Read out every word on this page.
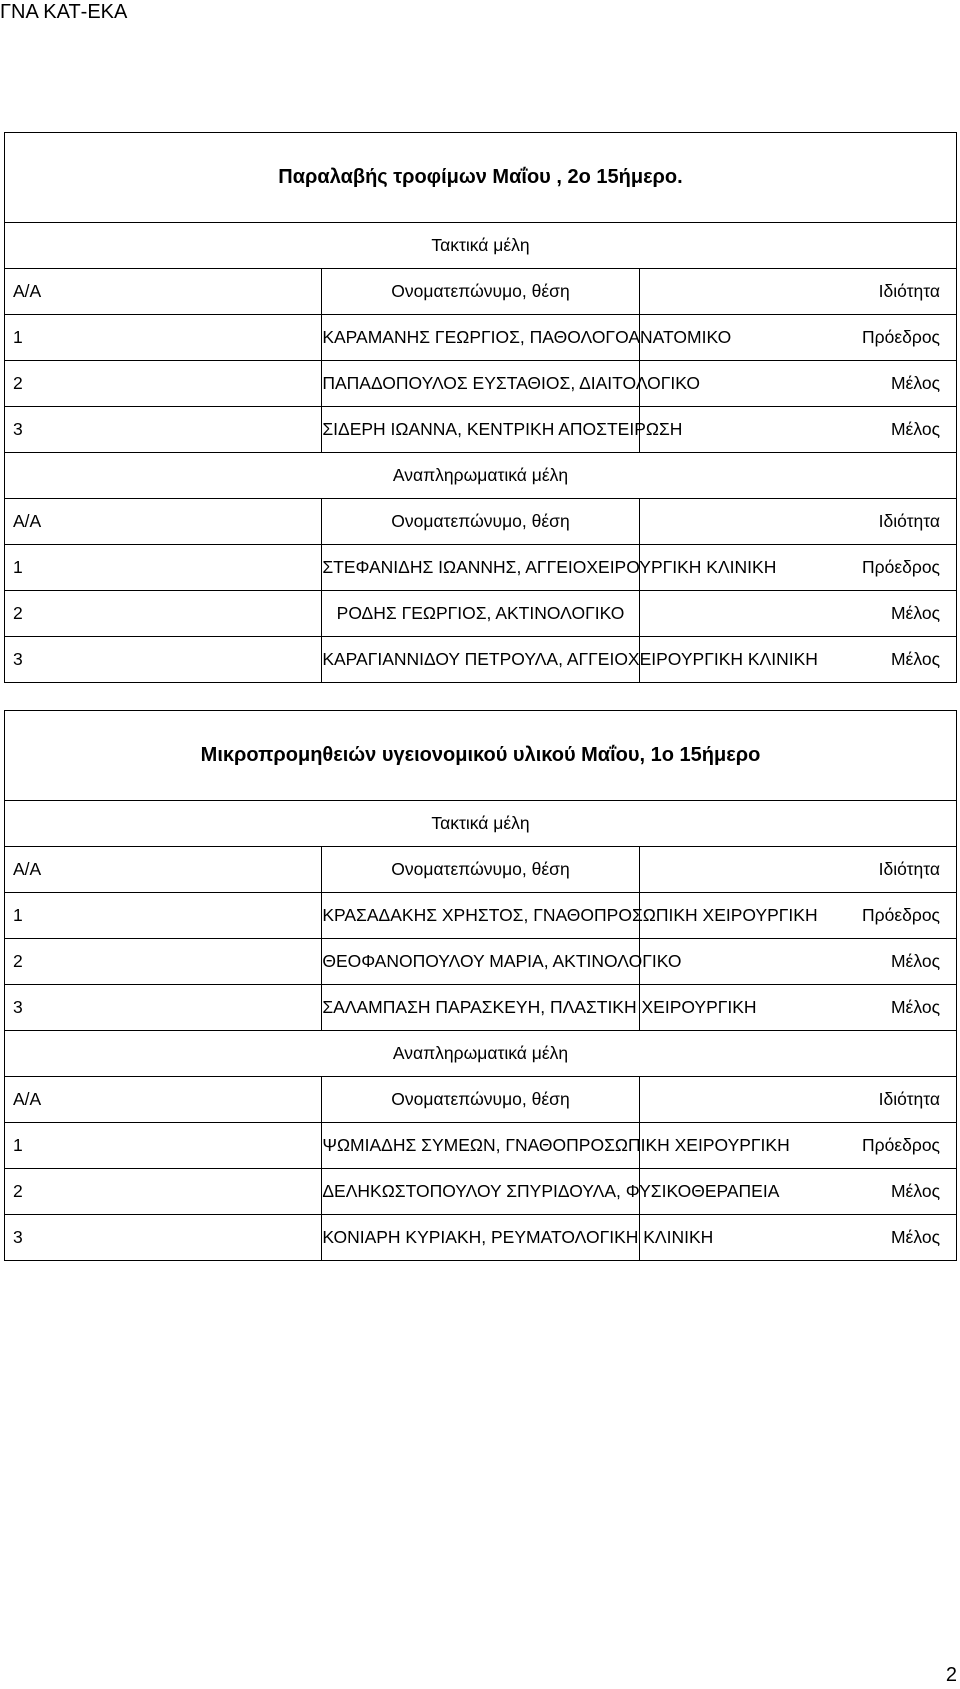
ΓΝΑ ΚΑΤ-ΕΚΑ
Παραλαβής τροφίμων Μαΐου , 2ο 15ήμερο.		
Τακτικά μέλη		
Α/Α	Ονοματεπώνυμο, θέση	Ιδιότητα
1	ΚΑΡΑΜΑΝΗΣ ΓΕΩΡΓΙΟΣ, ΠΑΘΟΛΟΓΟΑΝΑΤΟΜΙΚΟ	Πρόεδρος
2	ΠΑΠΑΔΟΠΟΥΛΟΣ ΕΥΣΤΑΘΙΟΣ, ΔΙΑΙΤΟΛΟΓΙΚΟ	Μέλος
3	ΣΙΔΕΡΗ ΙΩΑΝΝΑ, ΚΕΝΤΡΙΚΗ ΑΠΟΣΤΕΙΡΩΣΗ	Μέλος
Αναπληρωματικά μέλη		
Α/Α	Ονοματεπώνυμο, θέση	Ιδιότητα
1	ΣΤΕΦΑΝΙΔΗΣ ΙΩΑΝΝΗΣ, ΑΓΓΕΙΟΧΕΙΡΟΥΡΓΙΚΗ ΚΛΙΝΙΚΗ	Πρόεδρος
2	ΡΟΔΗΣ ΓΕΩΡΓΙΟΣ, ΑΚΤΙΝΟΛΟΓΙΚΟ	Μέλος
3	ΚΑΡΑΓΙΑΝΝΙΔΟΥ ΠΕΤΡΟΥΛΑ, ΑΓΓΕΙΟΧΕΙΡΟΥΡΓΙΚΗ ΚΛΙΝΙΚΗ	Μέλος
Μικροπρομηθειών υγειονομικού υλικού Μαΐου, 1ο 15ήμερο		
Τακτικά μέλη		
Α/Α	Ονοματεπώνυμο, θέση	Ιδιότητα
1	ΚΡΑΣΑΔΑΚΗΣ ΧΡΗΣΤΟΣ, ΓΝΑΘΟΠΡΟΣΩΠΙΚΗ ΧΕΙΡΟΥΡΓΙΚΗ	Πρόεδρος
2	ΘΕΟΦΑΝΟΠΟΥΛΟΥ ΜΑΡΙΑ, ΑΚΤΙΝΟΛΟΓΙΚΟ	Μέλος
3	ΣΑΛΑΜΠΑΣΗ ΠΑΡΑΣΚΕΥΗ, ΠΛΑΣΤΙΚΗ ΧΕΙΡΟΥΡΓΙΚΗ	Μέλος
Αναπληρωματικά μέλη		
Α/Α	Ονοματεπώνυμο, θέση	Ιδιότητα
1	ΨΩΜΙΑΔΗΣ ΣΥΜΕΩΝ, ΓΝΑΘΟΠΡΟΣΩΠΙΚΗ ΧΕΙΡΟΥΡΓΙΚΗ	Πρόεδρος
2	ΔΕΛΗΚΩΣΤΟΠΟΥΛΟΥ ΣΠΥΡΙΔΟΥΛΑ, ΦΥΣΙΚΟΘΕΡΑΠΕΙΑ	Μέλος
3	ΚΟΝΙΑΡΗ ΚΥΡΙΑΚΗ, ΡΕΥΜΑΤΟΛΟΓΙΚΗ ΚΛΙΝΙΚΗ	Μέλος
2
